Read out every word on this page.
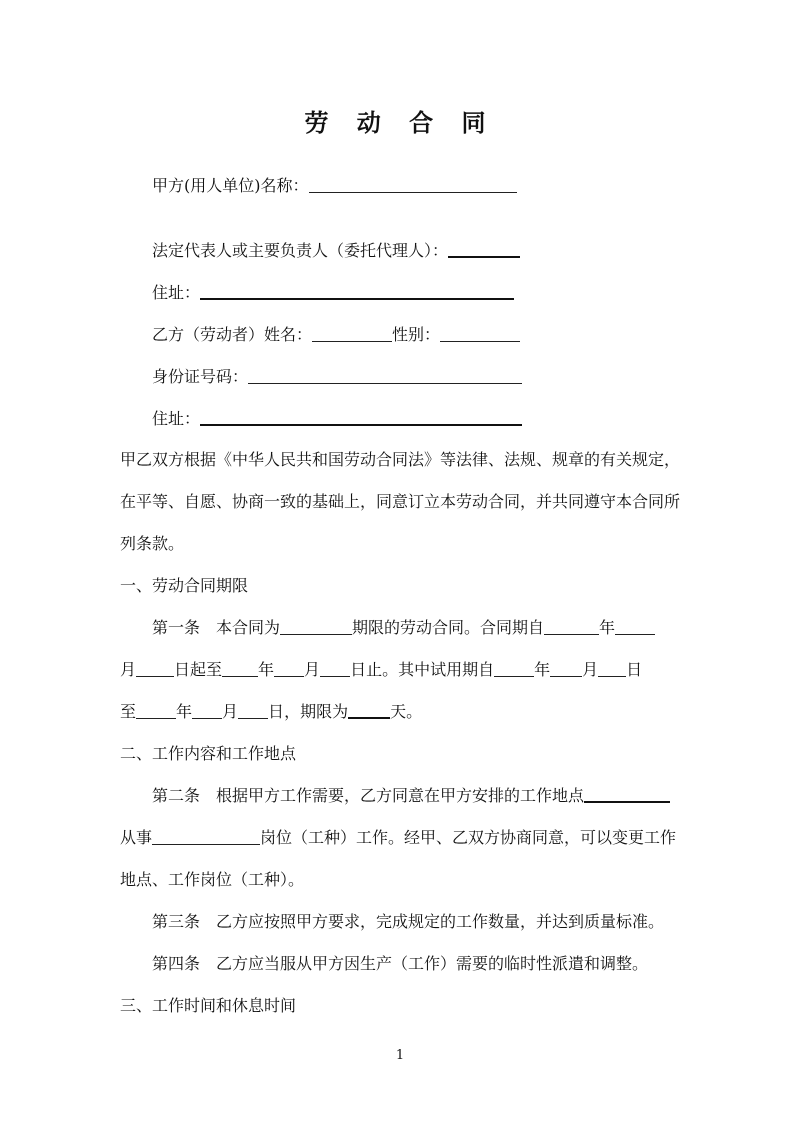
劳 动 合 同
甲方(用人单位)名称：
法定代表人或主要负责人（委托代理人）：
住址：
乙方（劳动者）姓名：	性别：
身份证号码：
住址：
甲乙双方根据《中华人民共和国劳动合同法》等法律、法规、规章的有关规定，
在平等、自愿、协商一致的基础上，同意订立本劳动合同，并共同遵守本合同所
列条款。
一、劳动合同期限
第一条 本合同为	期限的劳动合同。合同期自	年
月 日起至 年 月 日止。其中试用期自	年 月 日
至	年 月 日，期限为	天。
二、工作内容和工作地点
第二条 根据甲方工作需要，乙方同意在甲方安排的工作地点
从事	岗位（工种）工作。经甲、乙双方协商同意，可以变更工作
地点、工作岗位（工种）。
第三条 乙方应按照甲方要求，完成规定的工作数量，并达到质量标准。
第四条 乙方应当服从甲方因生产（工作）需要的临时性派遣和调整。
三、工作时间和休息时间
1
